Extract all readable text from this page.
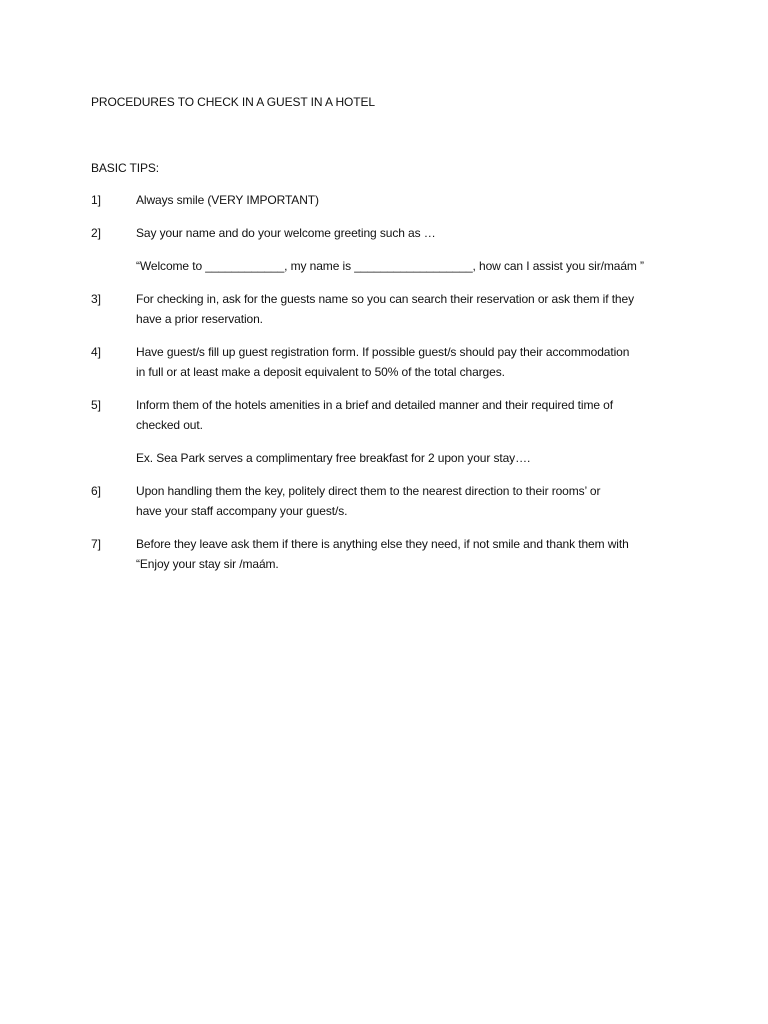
PROCEDURES TO CHECK IN A GUEST IN A HOTEL
BASIC TIPS:
1]	Always smile (VERY IMPORTANT)
2]	Say your name and do your welcome greeting such as …
“Welcome to ____________, my name is __________________, how can I assist you sir/maám ”
3]	For checking in, ask for the guests name so you can search their reservation or ask them if they
have a prior reservation.
4]	Have guest/s fill up guest registration form. If possible guest/s should pay their accommodation
in full or at least make a deposit equivalent to 50% of the total charges.
5]	Inform them of the hotels amenities in a brief and detailed manner and their required time of
checked out.
Ex. Sea Park serves a complimentary free breakfast for 2 upon your stay….
6]	Upon handling them the key, politely direct them to the nearest direction to their rooms’ or
have your staff accompany your guest/s.
7]	Before they leave ask them if there is anything else they need, if not smile and thank them with
“Enjoy your stay sir /maám.
